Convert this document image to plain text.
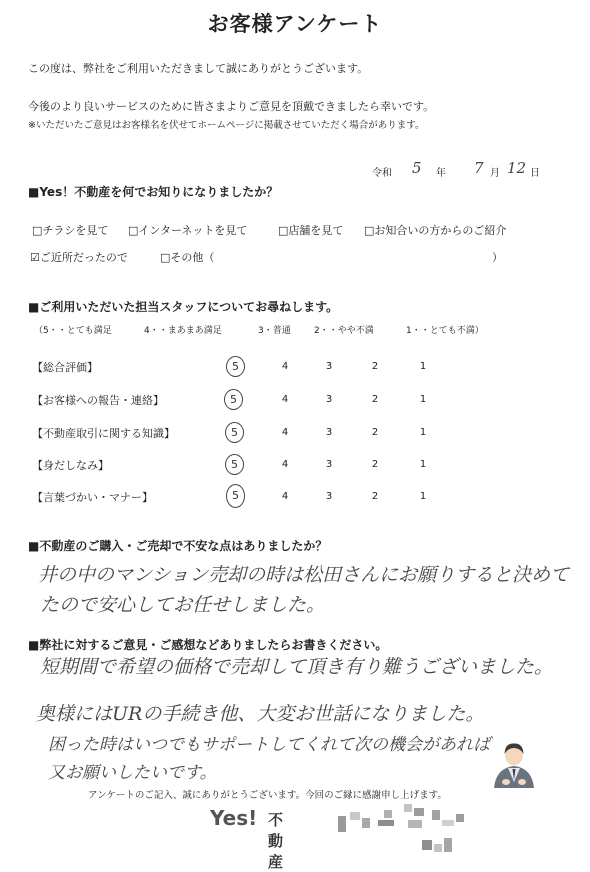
お客様アンケート
この度は、弊社をご利用いただきまして誠にありがとうございます。
今後のより良いサービスのために皆さまよりご意見を頂戴できましたら幸いです。
※いただいたご意見はお客様名を伏せてホームページに掲載させていただく場合があります。
令和 5 年 7 月 12 日
■Yes！不動産を何でお知りになりましたか？
□チラシを見て □インターネットを見て	□店舗を見て □お知合いの方からのご紹介
☑ご近所だったので	□その他（	）
■ご利用いただいた担当スタッフについてお尋ねします。
（5・・とても満足	4・・まあまあ満足	3・普通	2・・やや不満	1・・とても不満）
【総合評価】	5	4	3	2	1
【お客様への報告・連絡】	5	4	3	2	1
【不動産取引に関する知識】	5	4	3	2	1
【身だしなみ】	5	4	3	2	1
【言葉づかい・マナー】	5	4	3	2	1
■不動産のご購入・ご売却で不安な点はありましたか？
井の中のマンション売却の時は松田さんにお願りすると決めて
たので安心してお任せしました。
■弊社に対するご意見・ご感想などありましたらお書きください。
短期間で希望の価格で売却して頂き有り難うございました。
奥様にはURの手続き他、大変お世話になりました。
困った時はいつでもサポートしてくれて次の機会があれば
又お願いしたいです。
アンケートのご記入、誠にありがとうございます。今回のご縁に感謝申し上げます。
Yes! 不動産
